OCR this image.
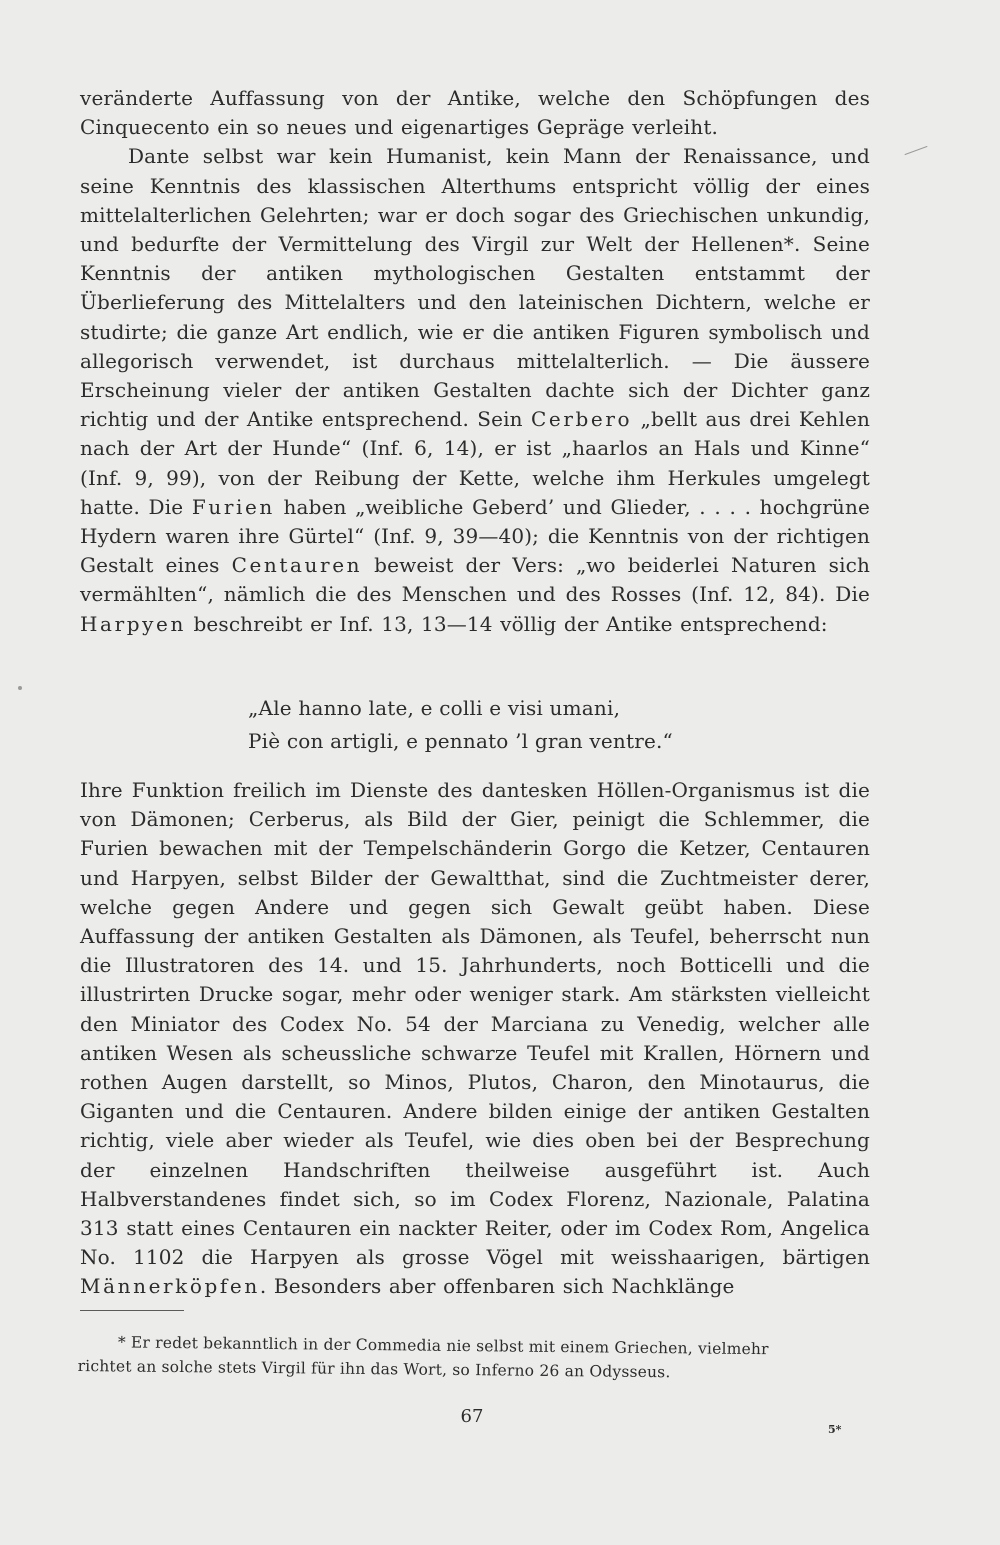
veränderte Auffassung von der Antike, welche den Schöpfungen des Cinquecento ein so neues und eigenartiges Gepräge verleiht.

Dante selbst war kein Humanist, kein Mann der Renaissance, und seine Kenntnis des klassischen Alterthums entspricht völlig der eines mittelalterlichen Gelehrten; war er doch sogar des Griechischen unkundig, und bedurfte der Vermittelung des Virgil zur Welt der Hellenen*. Seine Kenntnis der antiken mythologischen Gestalten entstammt der Überlieferung des Mittelalters und den lateinischen Dichtern, welche er studirte; die ganze Art endlich, wie er die antiken Figuren symbolisch und allegorisch verwendet, ist durchaus mittelalterlich. — Die äussere Erscheinung vieler der antiken Gestalten dachte sich der Dichter ganz richtig und der Antike entsprechend. Sein Cerbero „bellt aus drei Kehlen nach der Art der Hunde“ (Inf. 6, 14), er ist „haarlos an Hals und Kinne“ (Inf. 9, 99), von der Reibung der Kette, welche ihm Herkules umgelegt hatte. Die Furien haben „weibliche Geberd’ und Glieder, . . . . hochgrüne Hydern waren ihre Gürtel“ (Inf. 9, 39—40); die Kenntnis von der richtigen Gestalt eines Centauren beweist der Vers: „wo beiderlei Naturen sich vermählten“, nämlich die des Menschen und des Rosses (Inf. 12, 84). Die Harpyen beschreibt er Inf. 13, 13—14 völlig der Antike entsprechend:

„Ale hanno late, e colli e visi umani,
Piè con artigli, e pennato ’l gran ventre.“

Ihre Funktion freilich im Dienste des dantesken Höllen-Organismus ist die von Dämonen; Cerberus, als Bild der Gier, peinigt die Schlemmer, die Furien bewachen mit der Tempelschänderin Gorgo die Ketzer, Centauren und Harpyen, selbst Bilder der Gewaltthat, sind die Zuchtmeister derer, welche gegen Andere und gegen sich Gewalt geübt haben. Diese Auffassung der antiken Gestalten als Dämonen, als Teufel, beherrscht nun die Illustratoren des 14. und 15. Jahrhunderts, noch Botticelli und die illustrirten Drucke sogar, mehr oder weniger stark. Am stärksten vielleicht den Miniator des Codex No. 54 der Marciana zu Venedig, welcher alle antiken Wesen als scheussliche schwarze Teufel mit Krallen, Hörnern und rothen Augen darstellt, so Minos, Plutos, Charon, den Minotaurus, die Giganten und die Centauren. Andere bilden einige der antiken Gestalten richtig, viele aber wieder als Teufel, wie dies oben bei der Besprechung der einzelnen Handschriften theilweise ausgeführt ist. Auch Halbverstandenes findet sich, so im Codex Florenz, Nazionale, Palatina 313 statt eines Centauren ein nackter Reiter, oder im Codex Rom, Angelica No. 1102 die Harpyen als grosse Vögel mit weisshaarigen, bärtigen Männerköpfen. Besonders aber offenbaren sich Nachklänge

* Er redet bekanntlich in der Commedia nie selbst mit einem Griechen, vielmehr
richtet an solche stets Virgil für ihn das Wort, so Inferno 26 an Odysseus.
67
5*
